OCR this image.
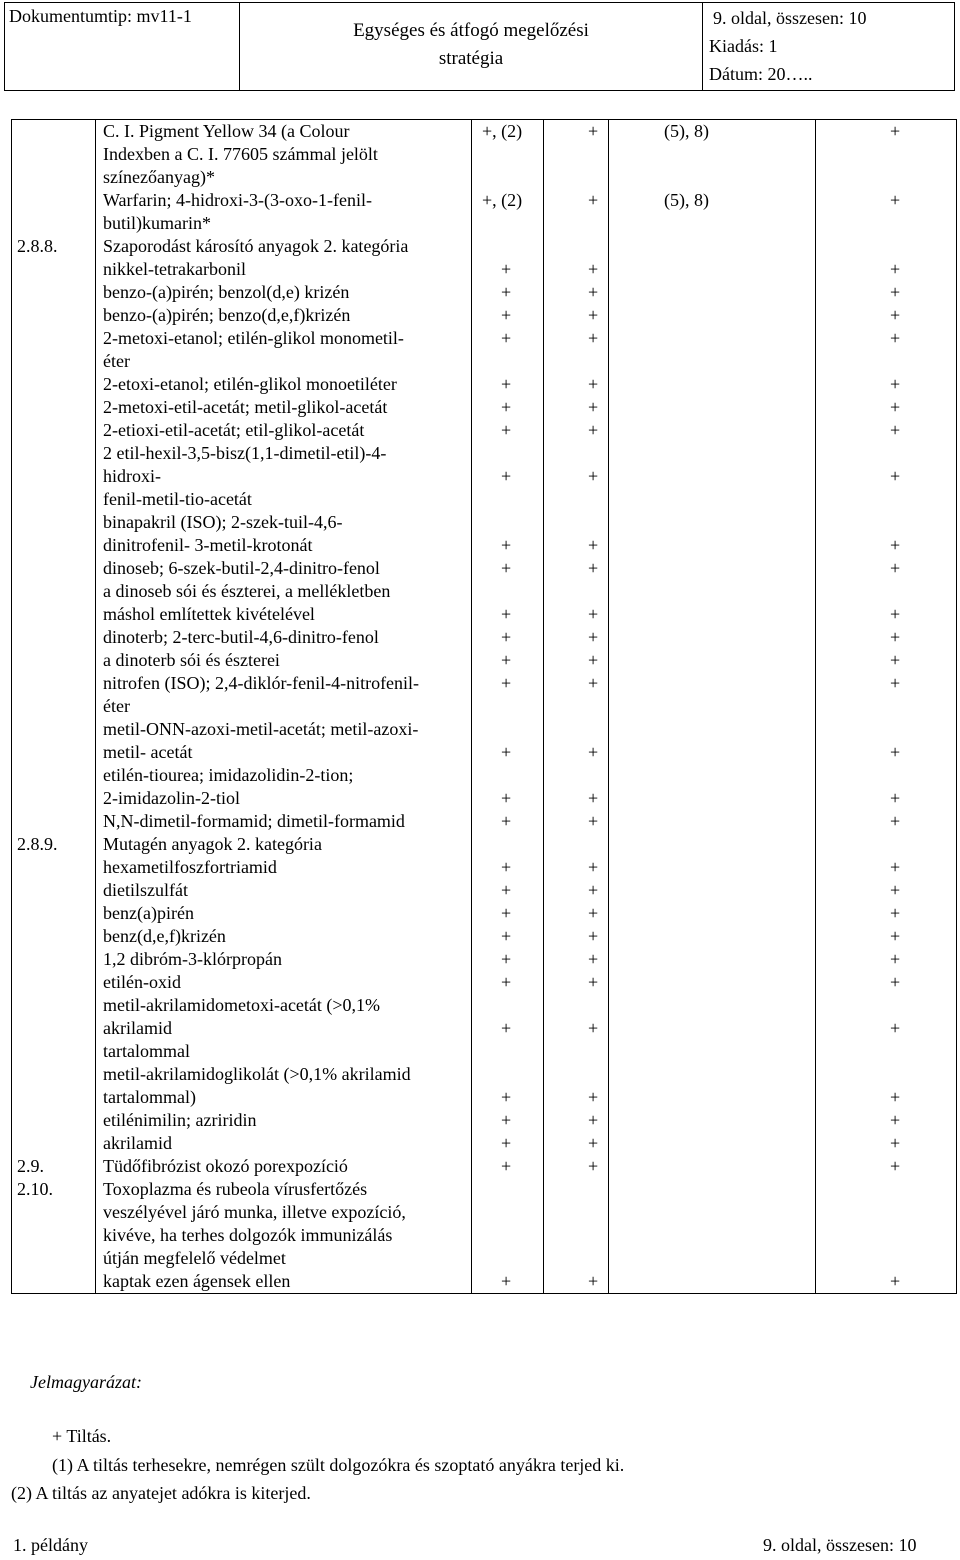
Dokumentumtip: mv11-1	
Egységes és átfogó megelőzési
stratégia

9. oldal, összesen: 10
Kiadás: 1
Dátum: 20…..

	C. I. Pigment Yellow 34 (a Colour
Indexben a C. I. 77605 számmal jelölt
színezőanyag)*	+, (2)	+	(5), 8)	+

	Warfarin; 4-hidroxi-3-(3-oxo-1-fenil-
butil)kumarin*	+, (2)	+	(5), 8)	+
2.8.8.	Szaporodást károsító anyagok 2. kategória				

	nikkel-tetrakarbonil	+	+		+

	benzo-(a)pirén; benzol(d,e) krizén	+	+		+

	benzo-(a)pirén; benzo(d,e,f)krizén	+	+		+

	2-metoxi-etanol; etilén-glikol monometil-
éter	+	+		+

	2-etoxi-etanol; etilén-glikol monoetiléter	+	+		+

	2-metoxi-etil-acetát; metil-glikol-acetát	+	+		+

	2-etioxi-etil-acetát; etil-glikol-acetát	+	+		+

	2 etil-hexil-3,5-bisz(1,1-dimetil-etil)-4-
hidroxi-
fenil-metil-tio-acetát	+	+		+

	binapakril (ISO); 2-szek-tuil-4,6-
dinitrofenil- 3-metil-krotonát	+	+		+

	dinoseb; 6-szek-butil-2,4-dinitro-fenol	+	+		+

	a dinoseb sói és észterei, a mellékletben
máshol említettek kivételével	+	+		+

	dinoterb; 2-terc-butil-4,6-dinitro-fenol	+	+		+

	a dinoterb sói és észterei	+	+		+

	nitrofen (ISO); 2,4-diklór-fenil-4-nitrofenil-
éter	+	+		+

	metil-ONN-azoxi-metil-acetát; metil-azoxi-
metil- acetát	+	+		+

	etilén-tiourea; imidazolidin-2-tion;
2-imidazolin-2-tiol	+	+		+

	N,N-dimetil-formamid; dimetil-formamid	+	+		+
2.8.9.	Mutagén anyagok 2. kategória				

	hexametilfoszfortriamid	+	+		+

	dietilszulfát	+	+		+

	benz(a)pirén	+	+		+

	benz(d,e,f)krizén	+	+		+

	1,2 dibróm-3-klórpropán	+	+		+

	etilén-oxid	+	+		+

	metil-akrilamidometoxi-acetát (>0,1%
akrilamid
tartalommal	+	+		+

	metil-akrilamidoglikolát (>0,1% akrilamid
tartalommal)	+	+		+

	etilénimilin; azriridin	+	+		+

	akrilamid	+	+		+
2.9.	Tüdőfibrózist okozó porexpozíció	+	+		+
2.10.	Toxoplazma és rubeola vírusfertőzés
veszélyével járó munka, illetve expozíció,
kivéve, ha terhes dolgozók immunizálás
útján megfelelő védelmet
kaptak ezen ágensek ellen	+	+		+
Jelmagyarázat:
+ Tiltás.
(1) A tiltás terhesekre, nemrégen szült dolgozókra és szoptató anyákra terjed ki.
(2) A tiltás az anyatejet adókra is kiterjed.
1. példány	9. oldal, összesen: 10
